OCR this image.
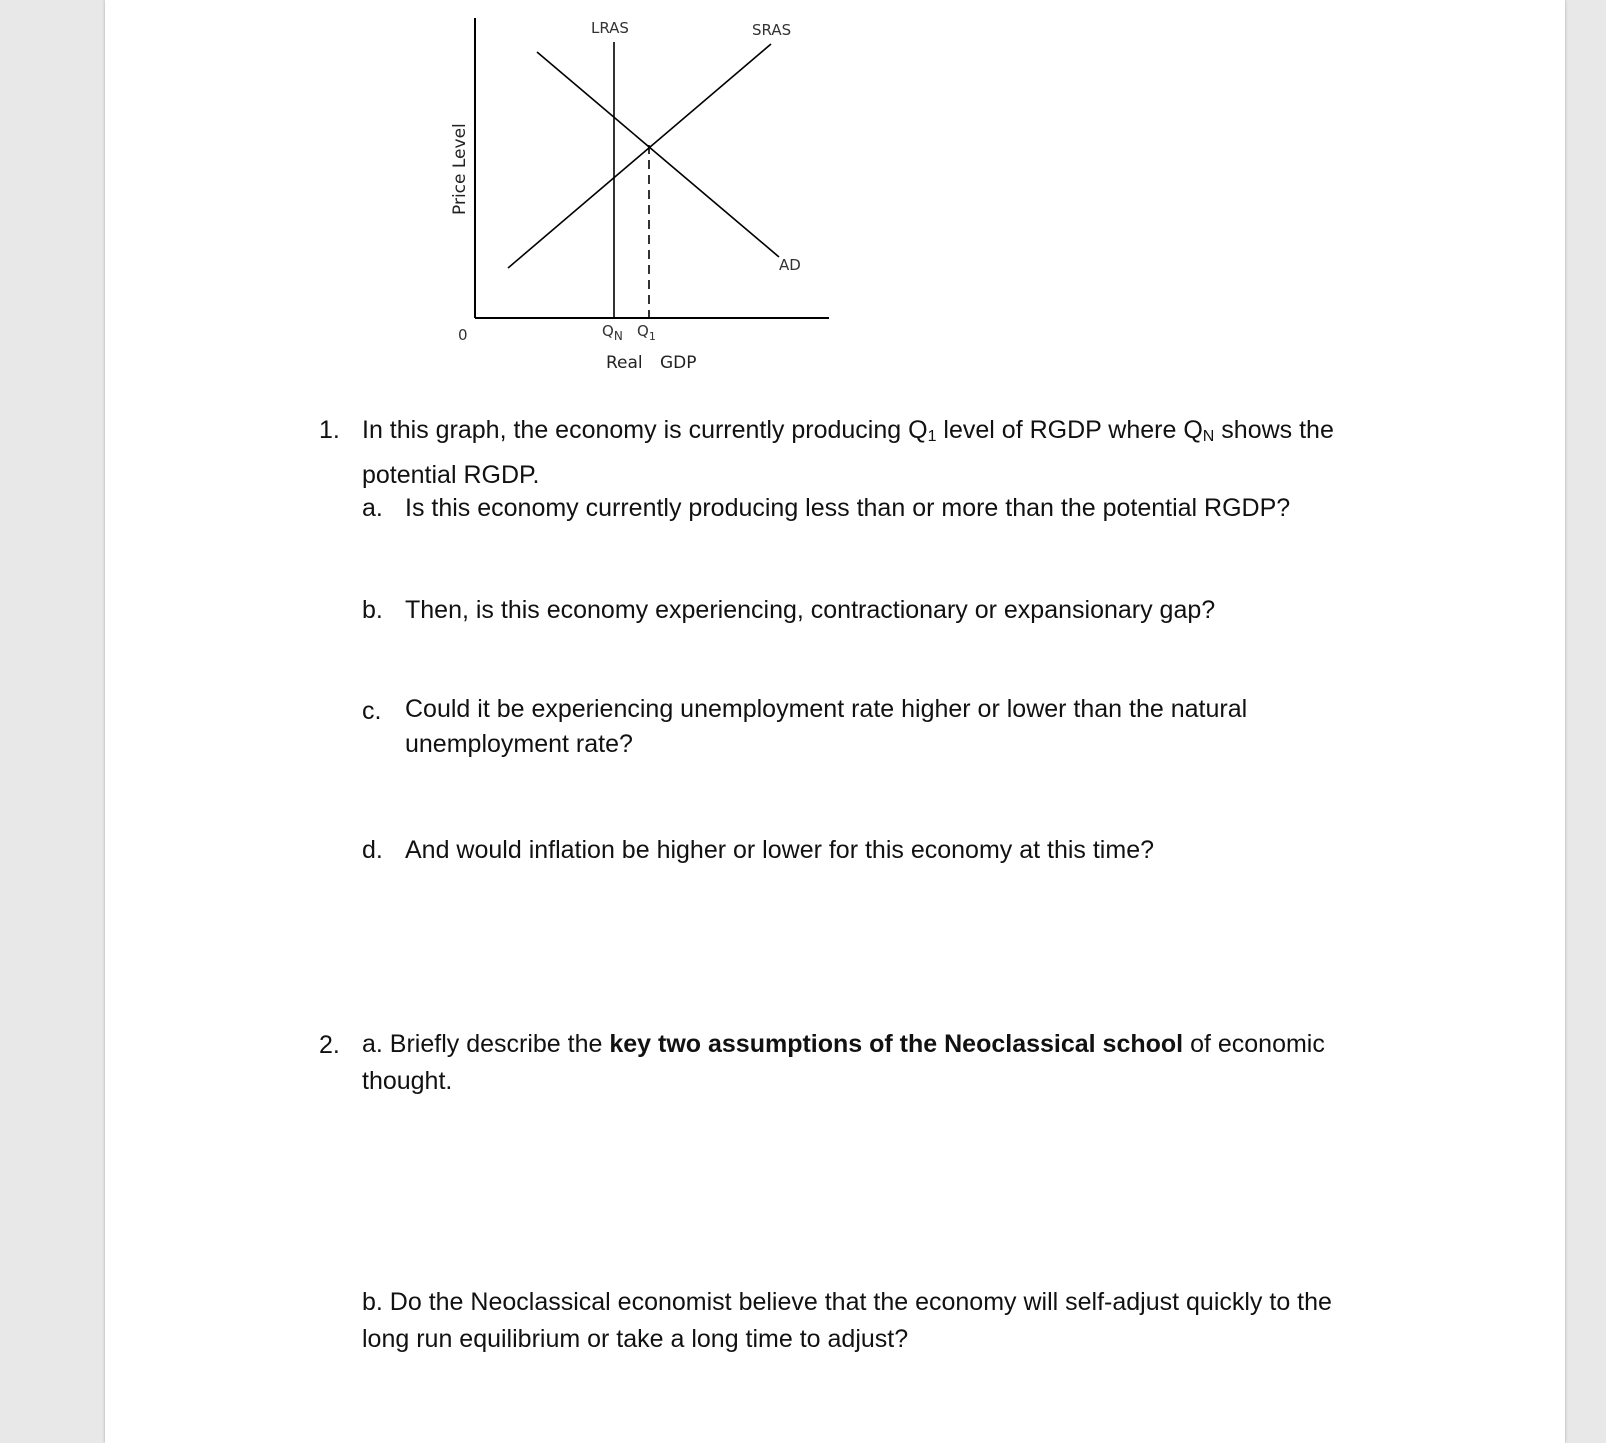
LRAS	SRAS
AD
Price Level
0	$Q_N$ $Q_1$
Real GDP
1. In this graph, the economy is currently producing $Q_1$ level of RGDP where $Q_N$ shows the
potential RGDP.
a. Is this economy currently producing less than or more than the potential RGDP?
b. Then, is this economy experiencing, contractionary or expansionary gap?
c. Could it be experiencing unemployment rate higher or lower than the natural
unemployment rate?
d. And would inflation be higher or lower for this economy at this time?
2. a. Briefly describe the key two assumptions of the Neoclassical school of economic
thought.
b. Do the Neoclassical economist believe that the economy will self-adjust quickly to the
long run equilibrium or take a long time to adjust?
